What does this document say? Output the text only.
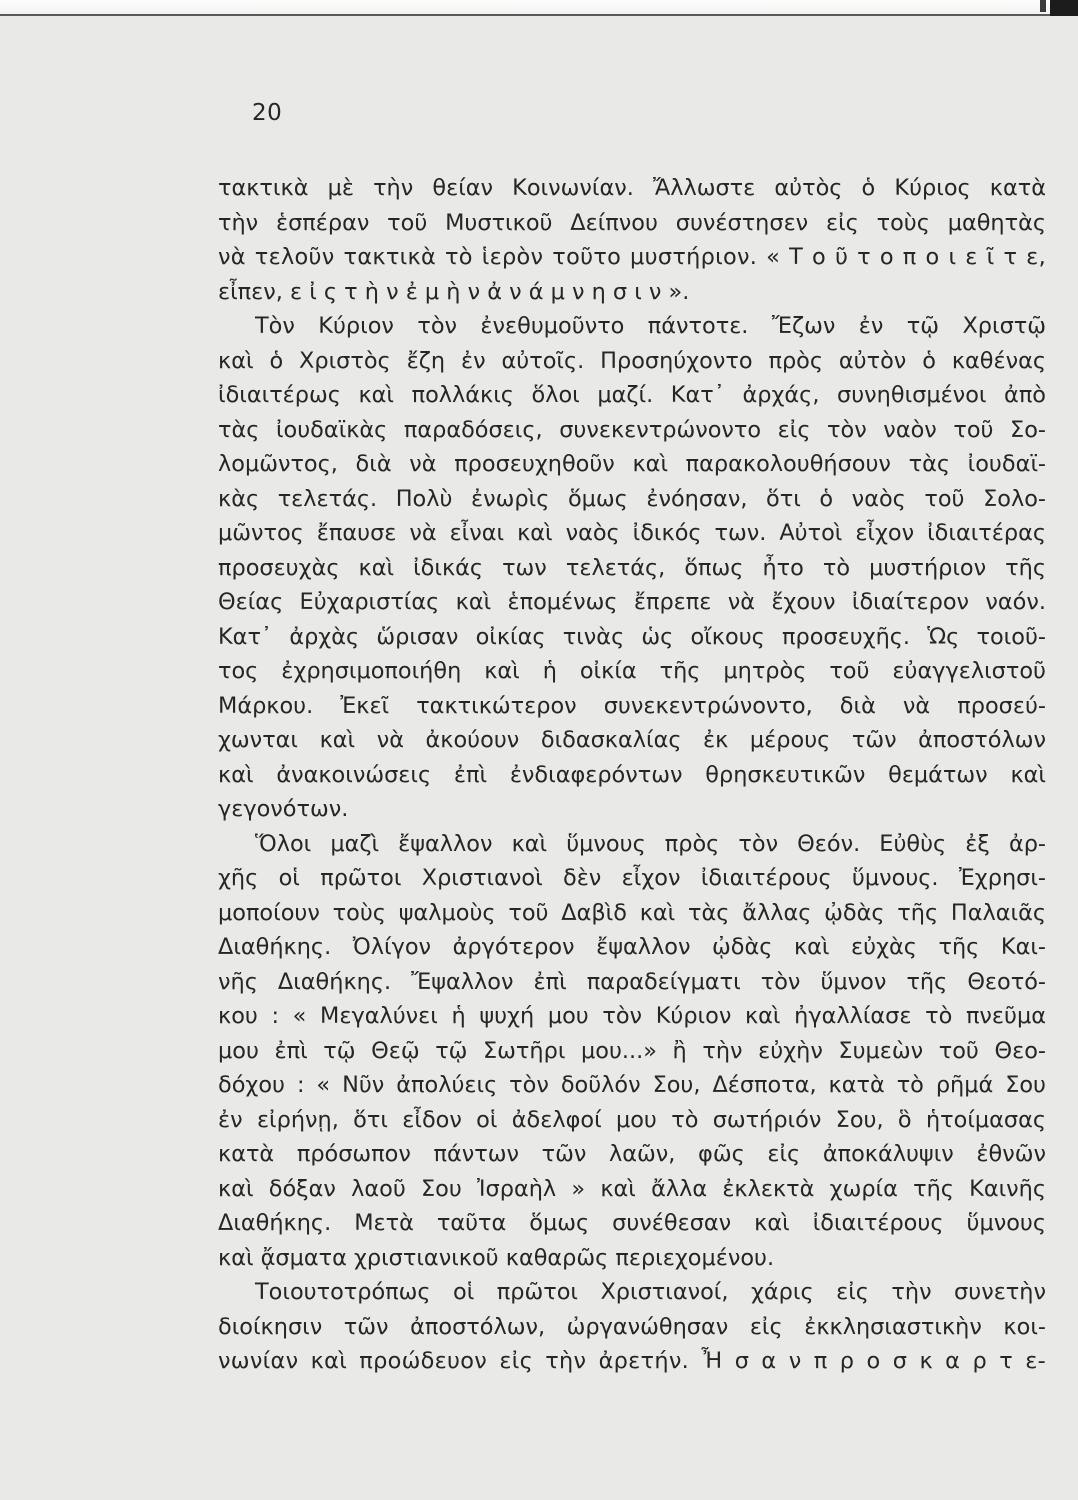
20
τακτικὰ μὲ τὴν θείαν Κοινωνίαν. Ἄλλωστε αὐτὸς ὁ Κύριος κατὰ
τὴν ἑσπέραν τοῦ Μυστικοῦ Δείπνου συνέστησεν εἰς τοὺς μαθητὰς
νὰ τελοῦν τακτικὰ τὸ ἱερὸν τοῦτο μυστήριον. « Τ ο ῦ τ ο π ο ι ε ῖ τ ε,
εἶπεν, ε ἰ ς τ ὴ ν ἐ μ ὴ ν ἀ ν ά μ ν η σ ι ν ».
Τὸν Κύριον τὸν ἐνεθυμοῦντο πάντοτε. Ἔζων ἐν τῷ Χριστῷ
καὶ ὁ Χριστὸς ἔζη ἐν αὐτοῖς. Προσηύχοντο πρὸς αὐτὸν ὁ καθένας
ἰδιαιτέρως καὶ πολλάκις ὅλοι μαζί. Κατ᾿ ἀρχάς, συνηθισμένοι ἀπὸ
τὰς ἰουδαϊκὰς παραδόσεις, συνεκεντρώνοντο εἰς τὸν ναὸν τοῦ Σο-
λομῶντος, διὰ νὰ προσευχηθοῦν καὶ παρακολουθήσουν τὰς ἰουδαϊ-
κὰς τελετάς. Πολὺ ἐνωρὶς ὅμως ἐνόησαν, ὅτι ὁ ναὸς τοῦ Σολο-
μῶντος ἔπαυσε νὰ εἶναι καὶ ναὸς ἰδικός των. Αὐτοὶ εἶχον ἰδιαιτέρας
προσευχὰς καὶ ἰδικάς των τελετάς, ὅπως ἦτο τὸ μυστήριον τῆς
Θείας Εὐχαριστίας καὶ ἑπομένως ἔπρεπε νὰ ἔχουν ἰδιαίτερον ναόν.
Κατ᾿ ἀρχὰς ὥρισαν οἰκίας τινὰς ὡς οἴκους προσευχῆς. Ὡς τοιοῦ-
τος ἐχρησιμοποιήθη καὶ ἡ οἰκία τῆς μητρὸς τοῦ εὐαγγελιστοῦ
Μάρκου. Ἐκεῖ τακτικώτερον συνεκεντρώνοντο, διὰ νὰ προσεύ-
χωνται καὶ νὰ ἀκούουν διδασκαλίας ἐκ μέρους τῶν ἀποστόλων
καὶ ἀνακοινώσεις ἐπὶ ἐνδιαφερόντων θρησκευτικῶν θεμάτων καὶ
γεγονότων.
Ὅλοι μαζὶ ἔψαλλον καὶ ὕμνους πρὸς τὸν Θεόν. Εὐθὺς ἐξ ἀρ-
χῆς οἱ πρῶτοι Χριστιανοὶ δὲν εἶχον ἰδιαιτέρους ὕμνους. Ἐχρησι-
μοποίουν τοὺς ψαλμοὺς τοῦ Δαβὶδ καὶ τὰς ἄλλας ᾠδὰς τῆς Παλαιᾶς
Διαθήκης. Ὀλίγον ἀργότερον ἔψαλλον ᾠδὰς καὶ εὐχὰς τῆς Και-
νῆς Διαθήκης. Ἔψαλλον ἐπὶ παραδείγματι τὸν ὕμνον τῆς Θεοτό-
κου : « Μεγαλύνει ἡ ψυχή μου τὸν Κύριον καὶ ἠγαλλίασε τὸ πνεῦμα
μου ἐπὶ τῷ Θεῷ τῷ Σωτῆρι μου...» ἢ τὴν εὐχὴν Συμεὼν τοῦ Θεο-
δόχου : « Νῦν ἀπολύεις τὸν δοῦλόν Σου, Δέσποτα, κατὰ τὸ ρῆμά Σου
ἐν εἰρήνῃ, ὅτι εἶδον οἱ ἀδελφοί μου τὸ σωτήριόν Σου, ὃ ἡτοίμασας
κατὰ πρόσωπον πάντων τῶν λαῶν, φῶς εἰς ἀποκάλυψιν ἐθνῶν
καὶ δόξαν λαοῦ Σου Ἰσραὴλ » καὶ ἄλλα ἐκλεκτὰ χωρία τῆς Καινῆς
Διαθήκης. Μετὰ ταῦτα ὅμως συνέθεσαν καὶ ἰδιαιτέρους ὕμνους
καὶ ᾄσματα χριστιανικοῦ καθαρῶς περιεχομένου.
Τοιουτοτρόπως οἱ πρῶτοι Χριστιανοί, χάρις εἰς τὴν συνετὴν
διοίκησιν τῶν ἀποστόλων, ὠργανώθησαν εἰς ἐκκλησιαστικὴν κοι-
νωνίαν καὶ προώδευον εἰς τὴν ἀρετήν. Ἦ σ α ν π ρ ο σ κ α ρ τ ε-
